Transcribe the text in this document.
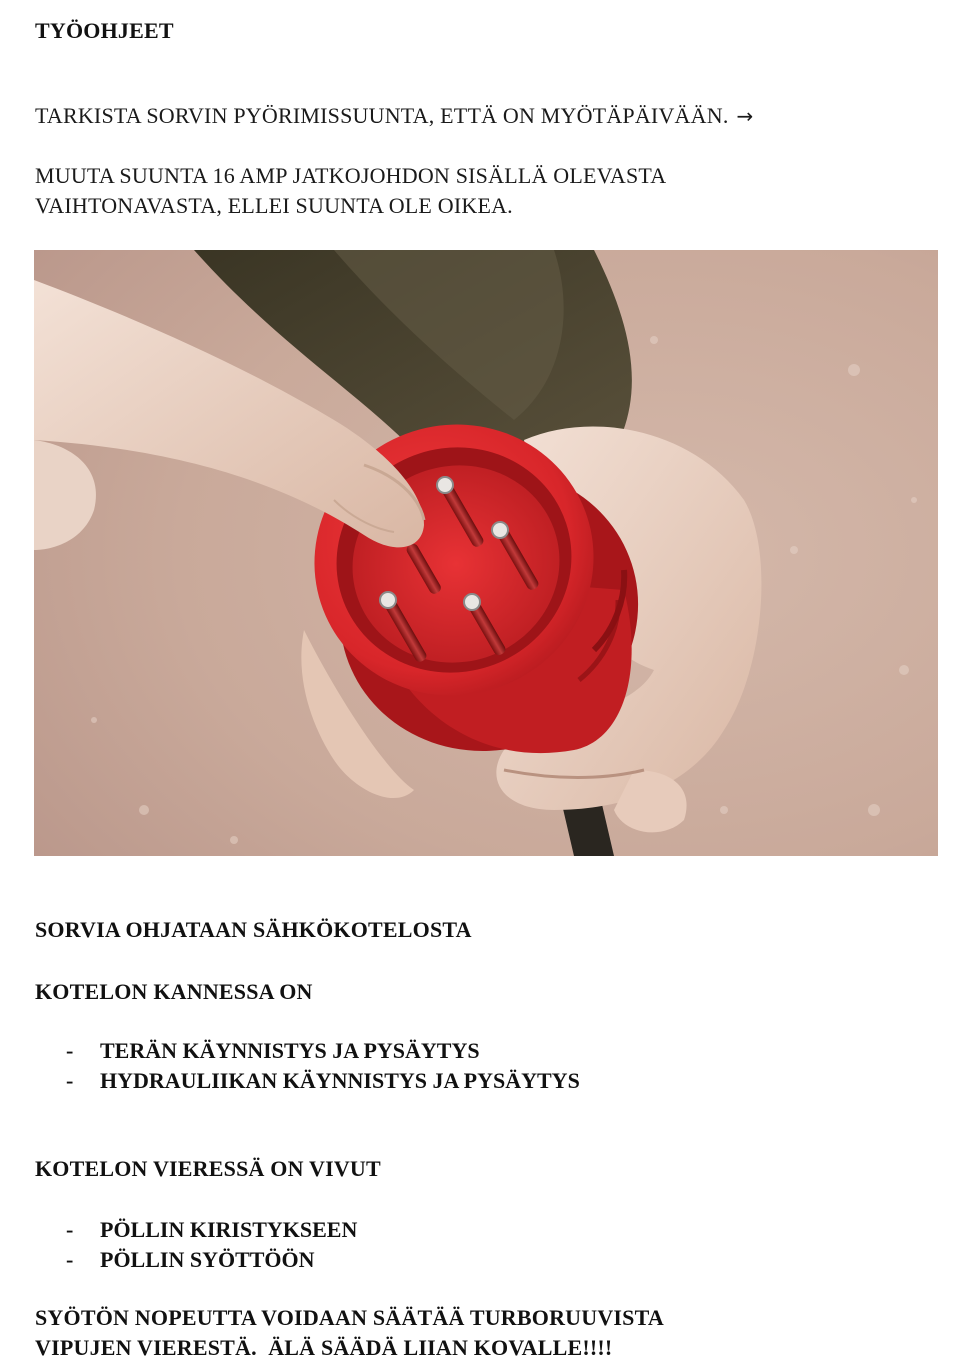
TYÖOHJEET

TARKISTA SORVIN PYÖRIMISSUUNTA, ETTÄ ON MYÖTÄPÄIVÄÄN. →

MUUTA SUUNTA 16 AMP JATKOJOHDON SISÄLLÄ OLEVASTA

VAIHTONAVASTA, ELLEI SUUNTA OLE OIKEA.

SORVIA OHJATAAN SÄHKÖKOTELOSTA

KOTELON KANNESSA ON

- TERÄN KÄYNNISTYS JA PYSÄYTYS
- HYDRAULIIKAN KÄYNNISTYS JA PYSÄYTYS

KOTELON VIERESSÄ ON VIVUT

- PÖLLIN KIRISTYKSEEN
- PÖLLIN SYÖTTÖÖN

SYÖTÖN NOPEUTTA VOIDAAN SÄÄTÄÄ TURBORUUVISTA

VIPUJEN VIERESTÄ.  ÄLÄ SÄÄDÄ LIIAN KOVALLE!!!!
